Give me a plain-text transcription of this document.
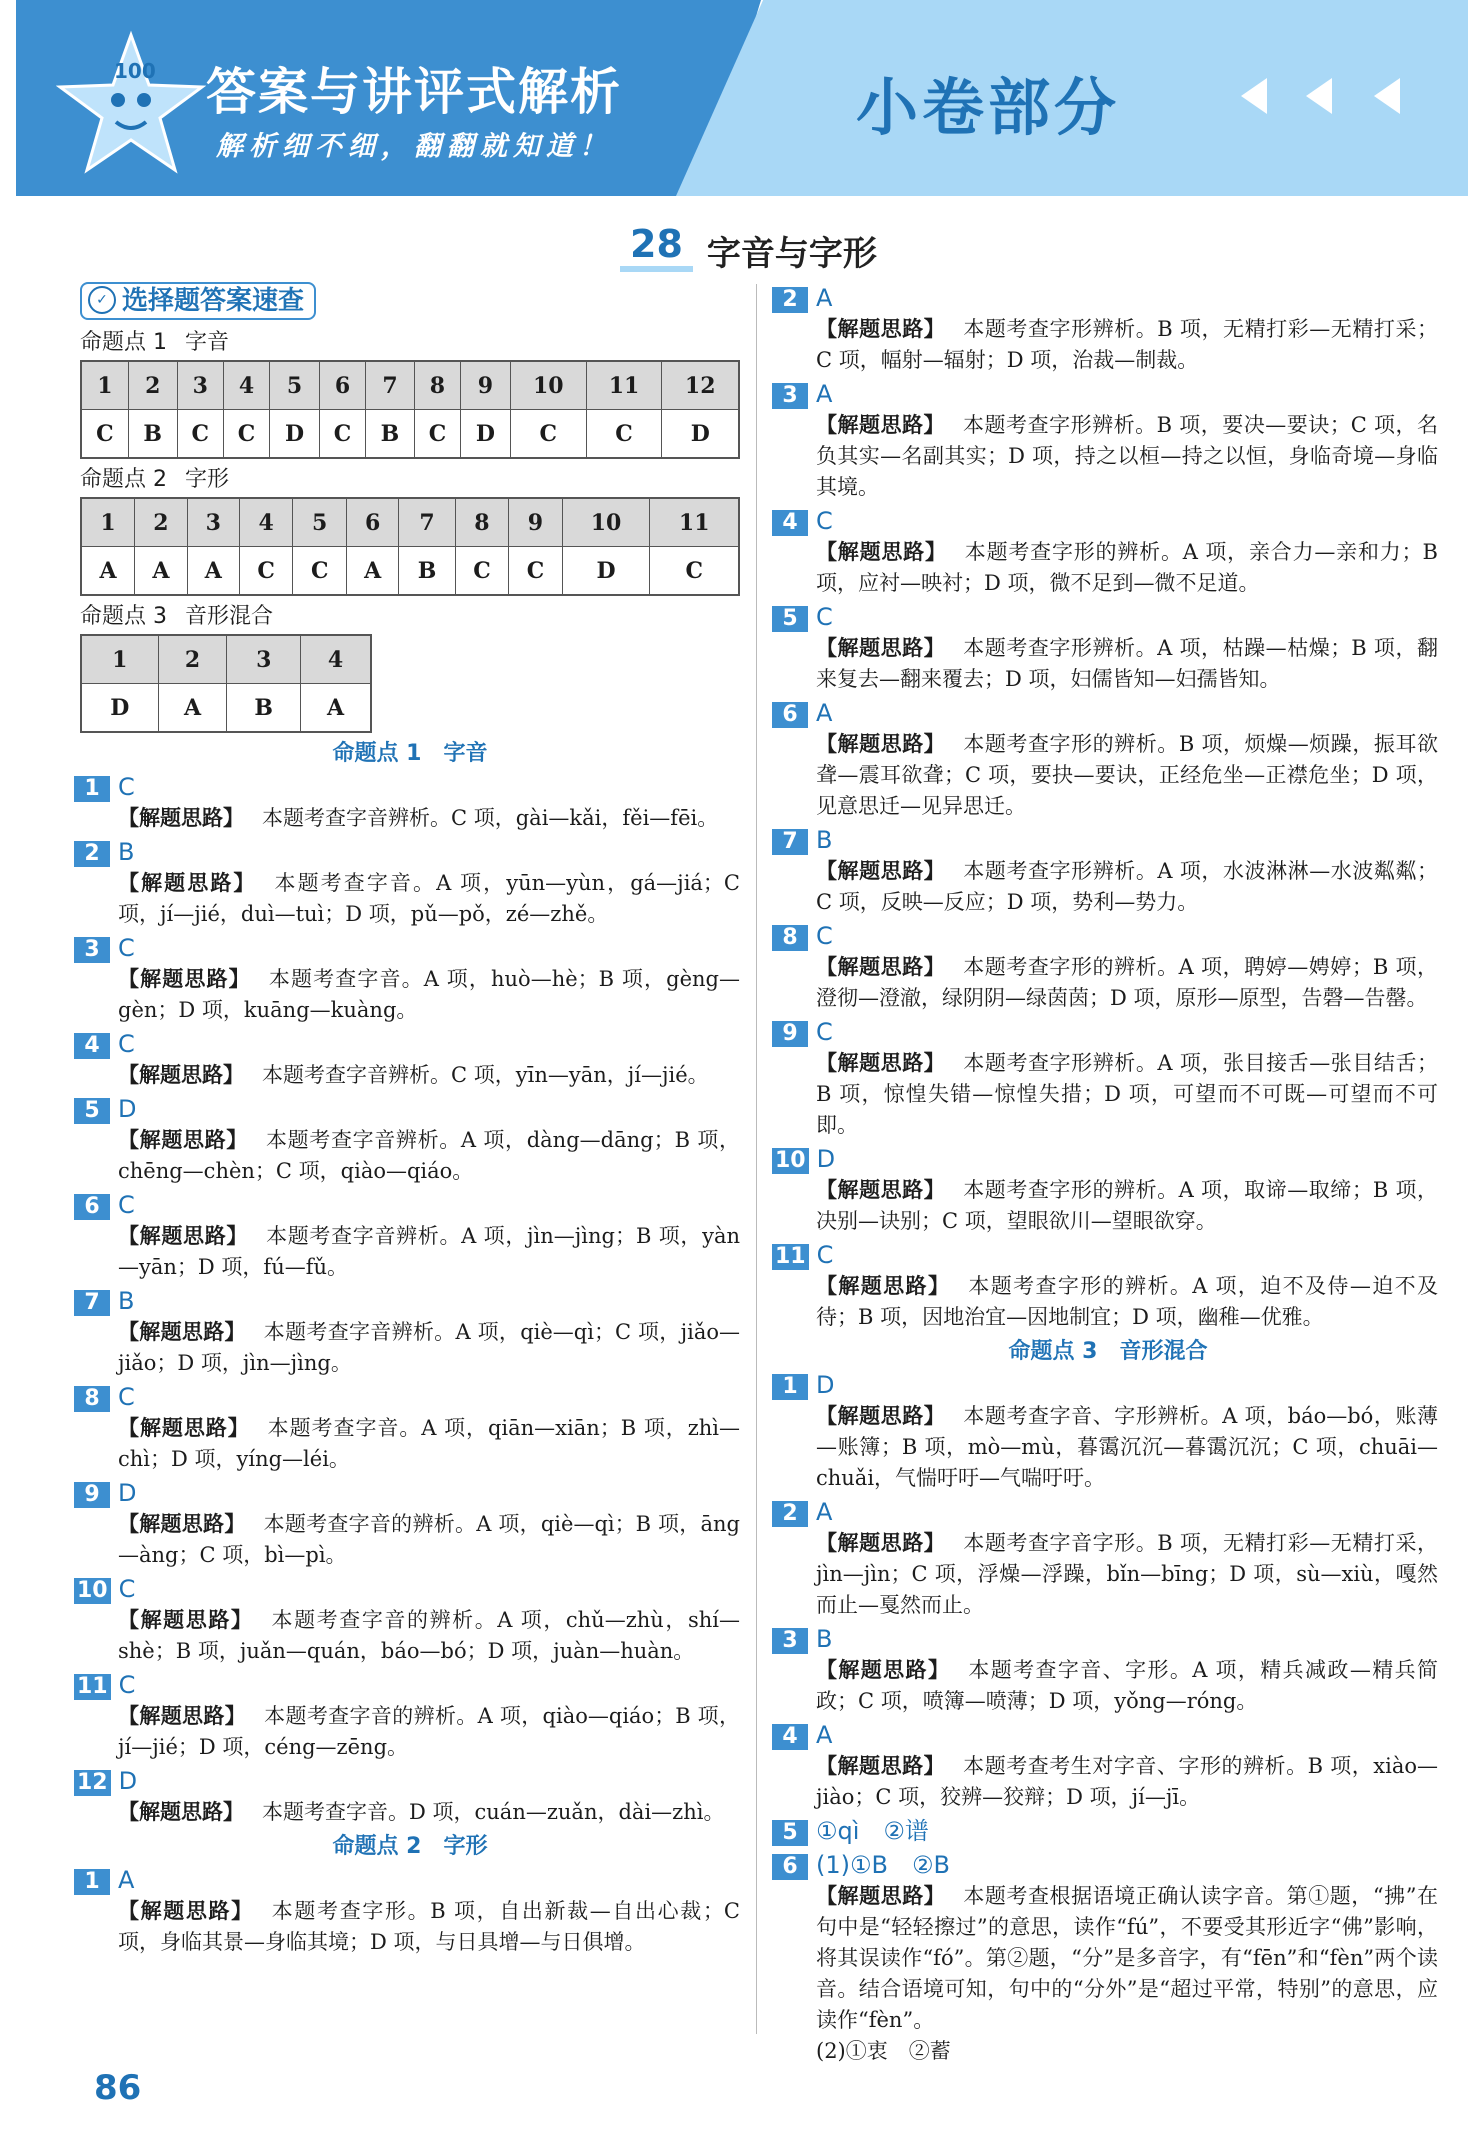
100 答案与讲评式解析
解析细不细，翻翻就知道！
小卷部分
28 字音与字形
✓ 选择题答案速查
命题点 1 字音
1	2	3	4	5	6	7	8	9	10	11	12
C	B	C	C	D	C	B	C	D	C	C	D
命题点 2 字形
1	2	3	4	5	6	7	8	9	10	11
A	A	A	C	C	A	B	C	C	D	C
命题点 3 音形混合
1	2	3	4
D	A	B	A
命题点 1　字音
1 C
【解题思路】 本题考查字音辨析。C 项，gài—kǎi，fěi—fēi。
2 B
【解题思路】 本题考查字音。A 项，yūn—yùn，gá—jiá；C 项，jí—jié，duì—tuì；D 项，pǔ—pǒ，zé—zhě。
3 C
【解题思路】 本题考查字音。A 项，huò—hè；B 项，gèng—gèn；D 项，kuāng—kuàng。
4 C
【解题思路】 本题考查字音辨析。C 项，yīn—yān，jí—jié。
5 D
【解题思路】 本题考查字音辨析。A 项，dàng—dāng；B 项，chēng—chèn；C 项，qiào—qiáo。
6 C
【解题思路】 本题考查字音辨析。A 项，jìn—jìng；B 项，yàn—yān；D 项，fú—fǔ。
7 B
【解题思路】 本题考查字音辨析。A 项，qiè—qì；C 项，jiǎo—jiǎo；D 项，jìn—jìng。
8 C
【解题思路】 本题考查字音。A 项，qiān—xiān；B 项，zhì—chì；D 项，yíng—léi。
9 D
【解题思路】 本题考查字音的辨析。A 项，qiè—qì；B 项，āng—àng；C 项，bì—pì。
10 C
【解题思路】 本题考查字音的辨析。A 项，chǔ—zhù，shí—shè；B 项，juǎn—quán，báo—bó；D 项，juàn—huàn。
11 C
【解题思路】 本题考查字音的辨析。A 项，qiào—qiáo；B 项，jí—jié；D 项，céng—zēng。
12 D
【解题思路】 本题考查字音。D 项，cuán—zuǎn，dài—zhì。
命题点 2　字形
1 A
【解题思路】 本题考查字形。B 项，自出新裁—自出心裁；C 项，身临其景—身临其境；D 项，与日具增—与日俱增。
2 A
【解题思路】 本题考查字形辨析。B 项，无精打彩—无精打采；C 项，幅射—辐射；D 项，治裁—制裁。
3 A
【解题思路】 本题考查字形辨析。B 项，要决—要诀；C 项，名负其实—名副其实；D 项，持之以桓—持之以恒，身临奇境—身临其境。
4 C
【解题思路】 本题考查字形的辨析。A 项，亲合力—亲和力；B 项，应衬—映衬；D 项，微不足到—微不足道。
5 C
【解题思路】 本题考查字形辨析。A 项，枯躁—枯燥；B 项，翻来复去—翻来覆去；D 项，妇儒皆知—妇孺皆知。
6 A
【解题思路】 本题考查字形的辨析。B 项，烦燥—烦躁，振耳欲聋—震耳欲聋；C 项，要抉—要诀，正经危坐—正襟危坐；D 项，见意思迁—见异思迁。
7 B
【解题思路】 本题考查字形辨析。A 项，水波淋淋—水波粼粼；C 项，反映—反应；D 项，势利—势力。
8 C
【解题思路】 本题考查字形的辨析。A 项，聘婷—娉婷；B 项，澄彻—澄澈，绿阴阴—绿茵茵；D 项，原形—原型，告磬—告罄。
9 C
【解题思路】 本题考查字形辨析。A 项，张目接舌—张目结舌；B 项，惊惶失错—惊惶失措；D 项，可望而不可既—可望而不可即。
10 D
【解题思路】 本题考查字形的辨析。A 项，取谛—取缔；B 项，决别—诀别；C 项，望眼欲川—望眼欲穿。
11 C
【解题思路】 本题考查字形的辨析。A 项，迫不及侍—迫不及待；B 项，因地治宜—因地制宜；D 项，幽稚—优雅。
命题点 3　音形混合
1 D
【解题思路】 本题考查字音、字形辨析。A 项，báo—bó，账薄—账簿；B 项，mò—mù，暮霭沉沉—暮霭沉沉；C 项，chuāi—chuǎi，气惴吁吁—气喘吁吁。
2 A
【解题思路】 本题考查字音字形。B 项，无精打彩—无精打采，jìn—jìn；C 项，浮燥—浮躁，bǐn—bīng；D 项，sù—xiù，嘎然而止—戛然而止。
3 B
【解题思路】 本题考查字音、字形。A 项，精兵减政—精兵简政；C 项，喷簿—喷薄；D 项，yǒng—róng。
4 A
【解题思路】 本题考查考生对字音、字形的辨析。B 项，xiào—jiào；C 项，狡辨—狡辩；D 项，jí—jī。
5 ①qì　②谱
6 (1)①B　②B
【解题思路】 本题考查根据语境正确认读字音。第①题，“拂”在句中是“轻轻擦过”的意思，读作“fú”，不要受其形近字“佛”影响，将其误读作“fó”。第②题，“分”是多音字，有“fēn”和“fèn”两个读音。结合语境可知，句中的“分外”是“超过平常，特别”的意思，应读作“fèn”。
(2)①衷　②蓄
86
